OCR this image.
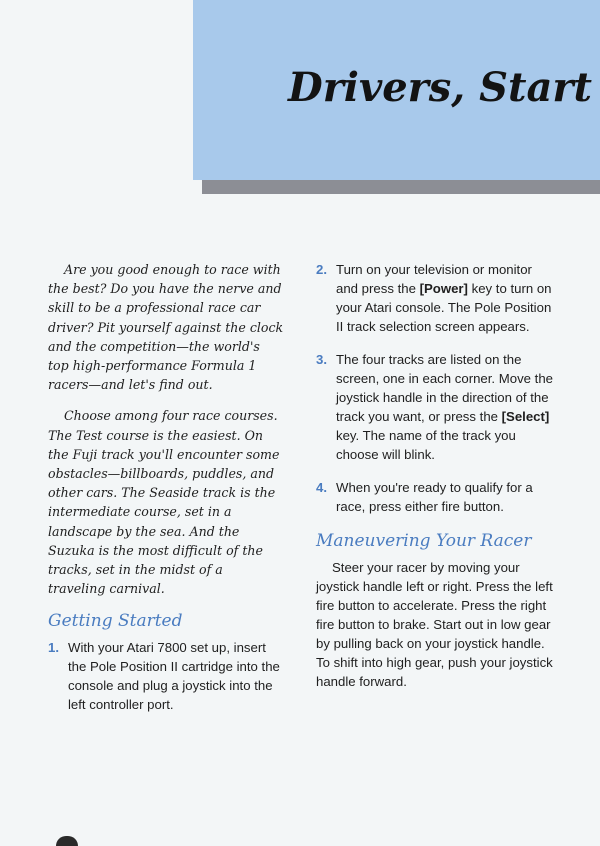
Drivers, Start

Are you good enough to race with the best? Do you have the nerve and skill to be a professional race car driver? Pit yourself against the clock and the competition—the world's top high-performance Formula 1 racers—and let's find out.

Choose among four race courses. The Test course is the easiest. On the Fuji track you'll encounter some obstacles—billboards, puddles, and other cars. The Seaside track is the intermediate course, set in a landscape by the sea. And the Suzuka is the most difficult of the tracks, set in the midst of a traveling carnival.

Getting Started
1. With your Atari 7800 set up, insert the Pole Position II cartridge into the console and plug a joystick into the left controller port.
2. Turn on your television or monitor and press the [Power] key to turn on your Atari console. The Pole Position II track selection screen appears.
3. The four tracks are listed on the screen, one in each corner. Move the joystick handle in the direction of the track you want, or press the [Select] key. The name of the track you choose will blink.
4. When you're ready to qualify for a race, press either fire button.
Maneuvering Your Racer

Steer your racer by moving your joystick handle left or right. Press the left fire button to accelerate. Press the right fire button to brake. Start out in low gear by pulling back on your joystick handle. To shift into high gear, push your joystick handle forward.
